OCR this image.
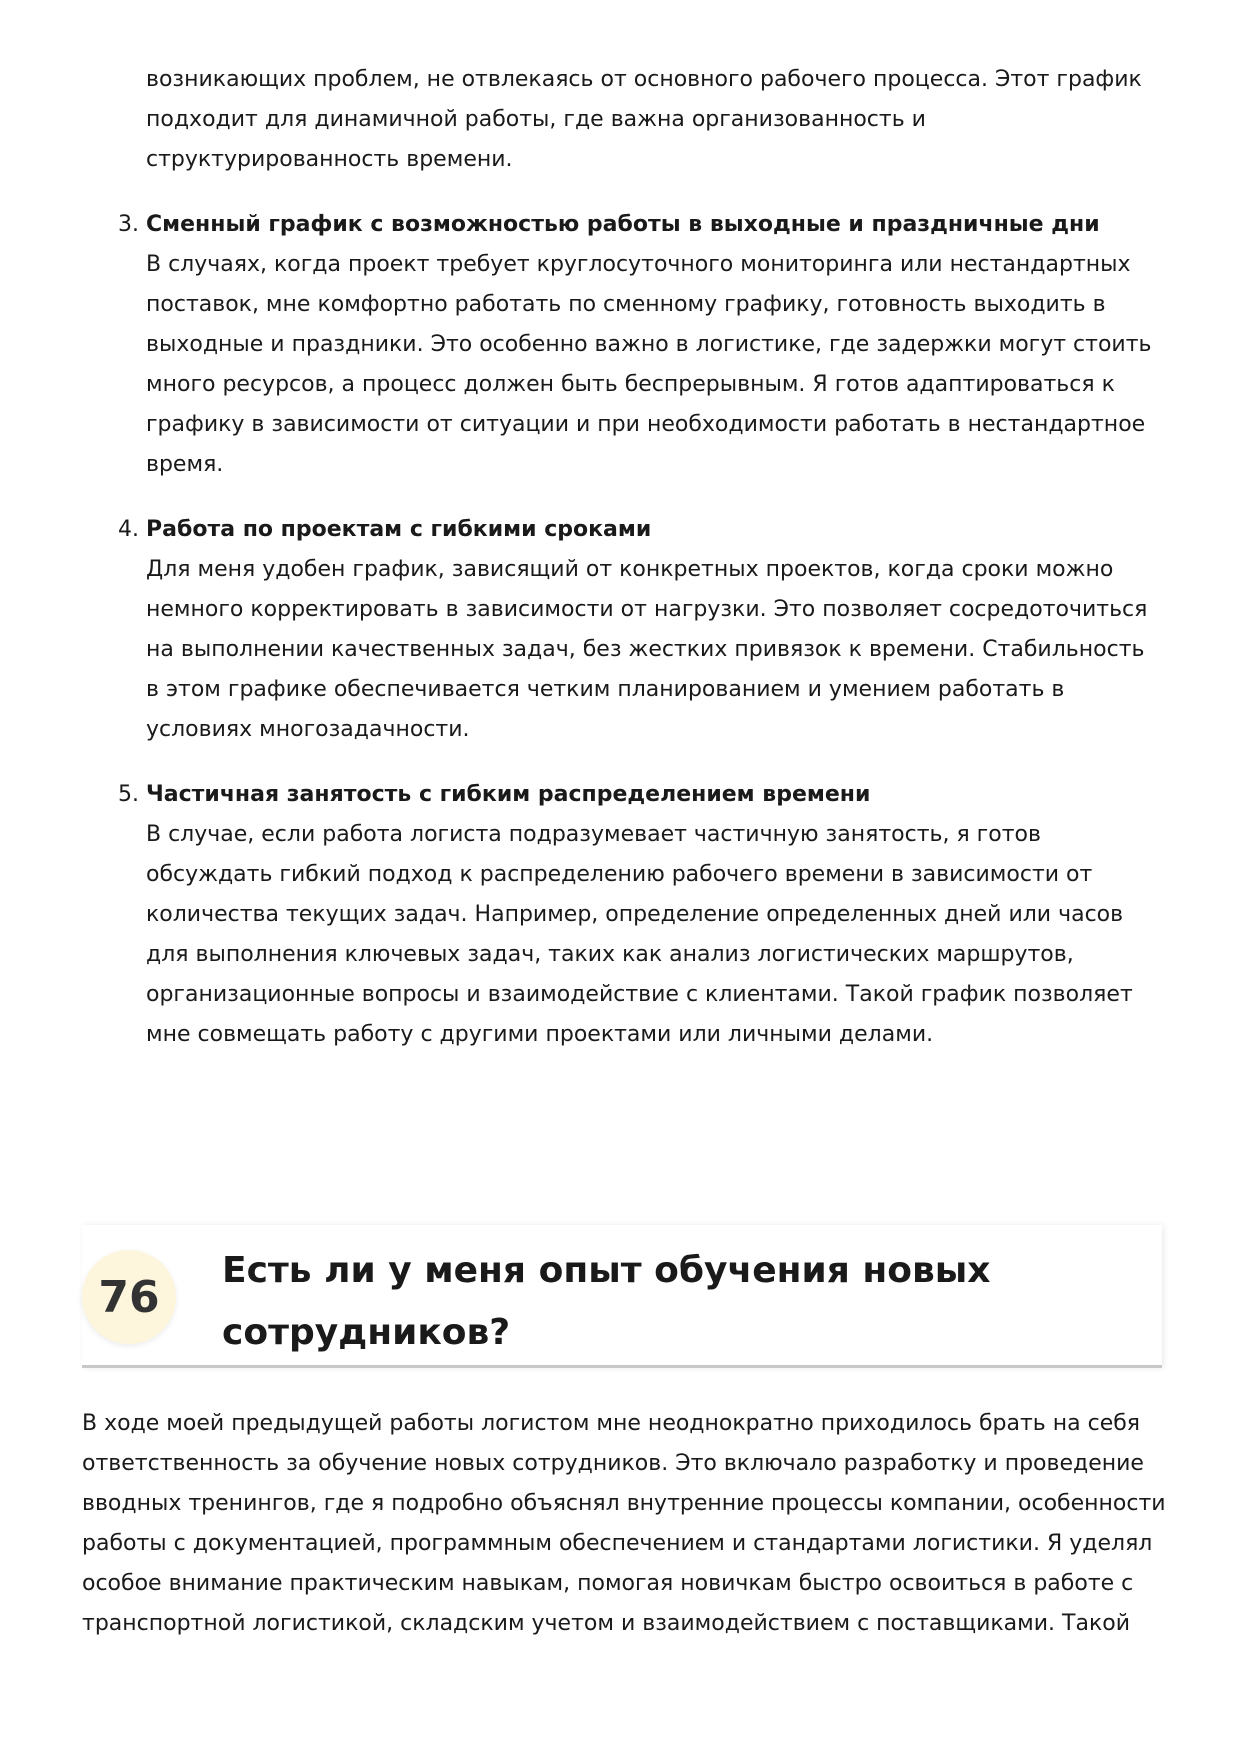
возникающих проблем, не отвлекаясь от основного рабочего процесса. Этот график подходит для динамичной работы, где важна организованность и структурированность времени.
3. Сменный график с возможностью работы в выходные и праздничные дни
В случаях, когда проект требует круглосуточного мониторинга или нестандартных поставок, мне комфортно работать по сменному графику, готовность выходить в выходные и праздники. Это особенно важно в логистике, где задержки могут стоить много ресурсов, а процесс должен быть беспрерывным. Я готов адаптироваться к графику в зависимости от ситуации и при необходимости работать в нестандартное время.
4. Работа по проектам с гибкими сроками
Для меня удобен график, зависящий от конкретных проектов, когда сроки можно немного корректировать в зависимости от нагрузки. Это позволяет сосредоточиться на выполнении качественных задач, без жестких привязок к времени. Стабильность в этом графике обеспечивается четким планированием и умением работать в условиях многозадачности.
5. Частичная занятость с гибким распределением времени
В случае, если работа логиста подразумевает частичную занятость, я готов обсуждать гибкий подход к распределению рабочего времени в зависимости от количества текущих задач. Например, определение определенных дней или часов для выполнения ключевых задач, таких как анализ логистических маршрутов, организационные вопросы и взаимодействие с клиентами. Такой график позволяет мне совмещать работу с другими проектами или личными делами.
76
Есть ли у меня опыт обучения новых сотрудников?
В ходе моей предыдущей работы логистом мне неоднократно приходилось брать на себя ответственность за обучение новых сотрудников. Это включало разработку и проведение вводных тренингов, где я подробно объяснял внутренние процессы компании, особенности работы с документацией, программным обеспечением и стандартами логистики. Я уделял особое внимание практическим навыкам, помогая новичкам быстро освоиться в работе с транспортной логистикой, складским учетом и взаимодействием с поставщиками. Такой
